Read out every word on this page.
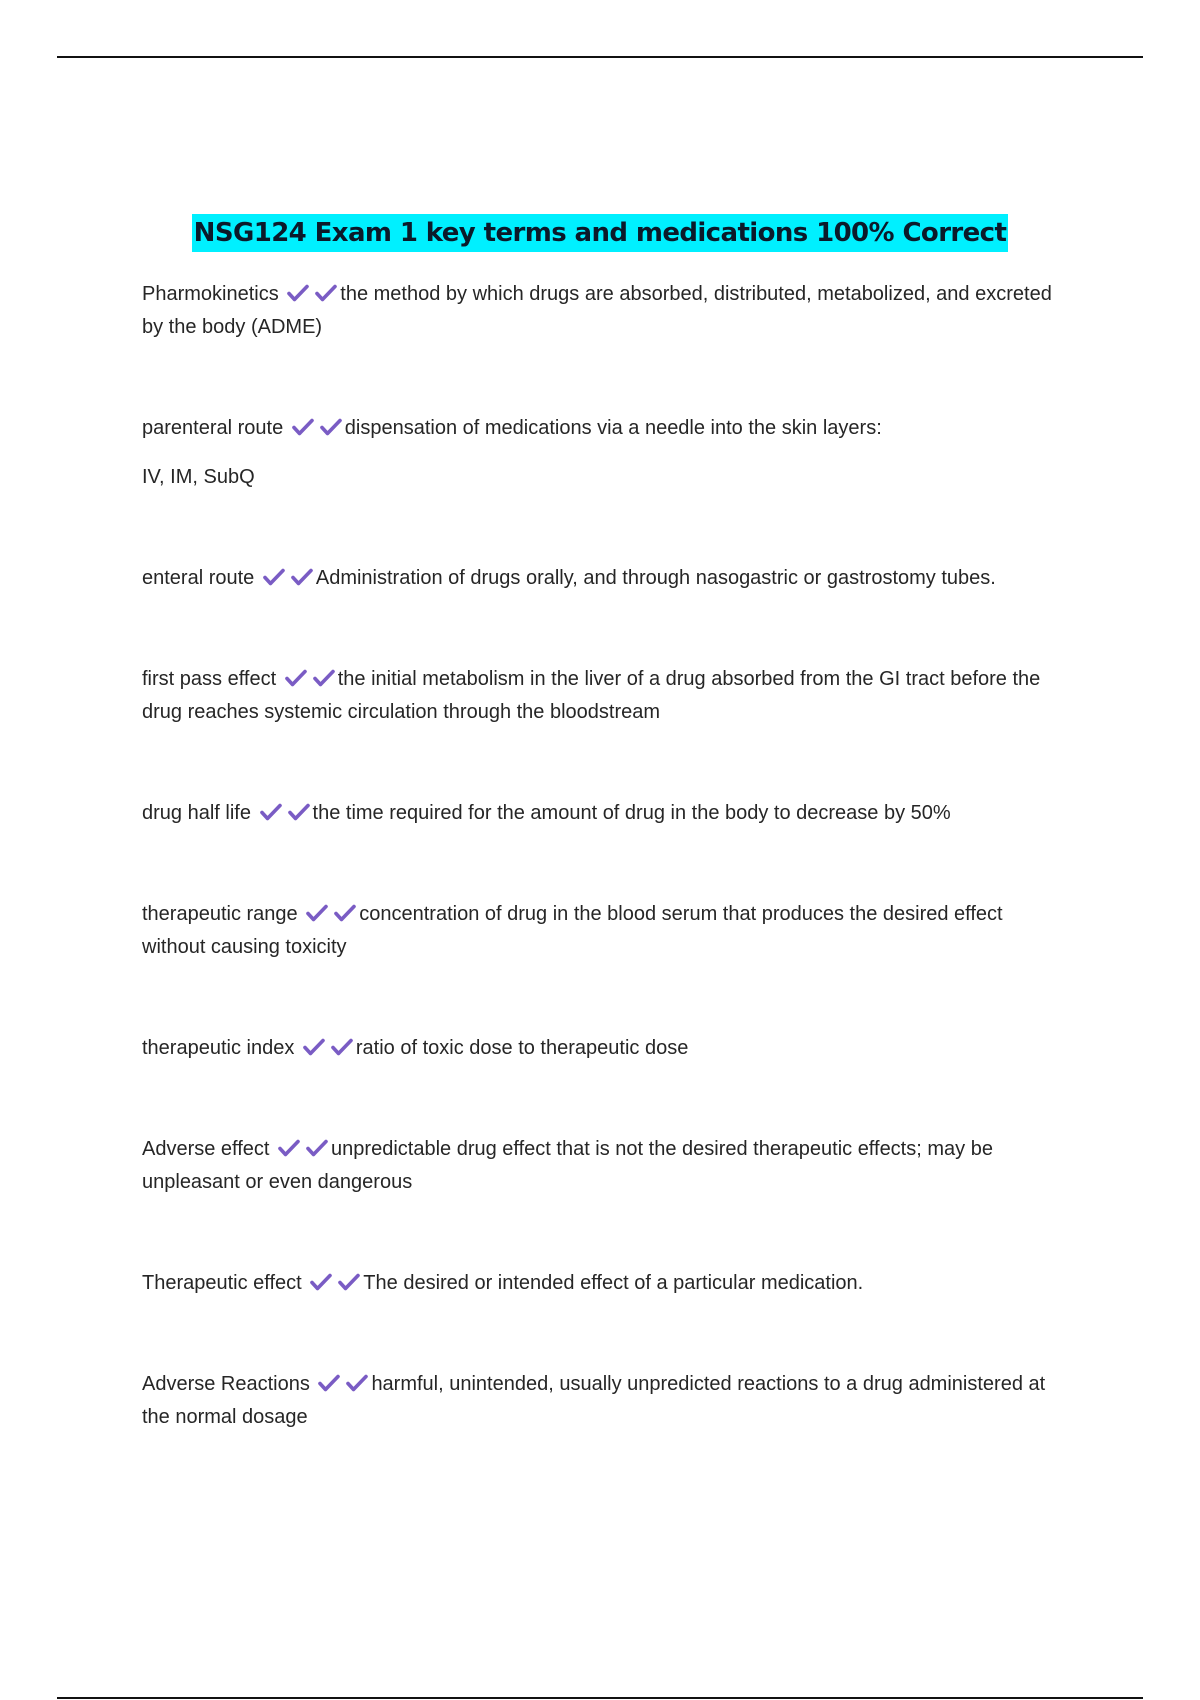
NSG124 Exam 1 key terms and medications 100% Correct
Pharmokinetics	the method by which drugs are absorbed, distributed, metabolized, and excreted by the body (ADME)
parenteral route	dispensation of medications via a needle into the skin layers:
IV, IM, SubQ
enteral route	Administration of drugs orally, and through nasogastric or gastrostomy tubes.
first pass effect	the initial metabolism in the liver of a drug absorbed from the GI tract before the drug reaches systemic circulation through the bloodstream
drug half life	the time required for the amount of drug in the body to decrease by 50%
therapeutic range	concentration of drug in the blood serum that produces the desired effect without causing toxicity
therapeutic index	ratio of toxic dose to therapeutic dose
Adverse effect	unpredictable drug effect that is not the desired therapeutic effects; may be unpleasant or even dangerous
Therapeutic effect	The desired or intended effect of a particular medication.
Adverse Reactions	harmful, unintended, usually unpredicted reactions to a drug administered at the normal dosage
